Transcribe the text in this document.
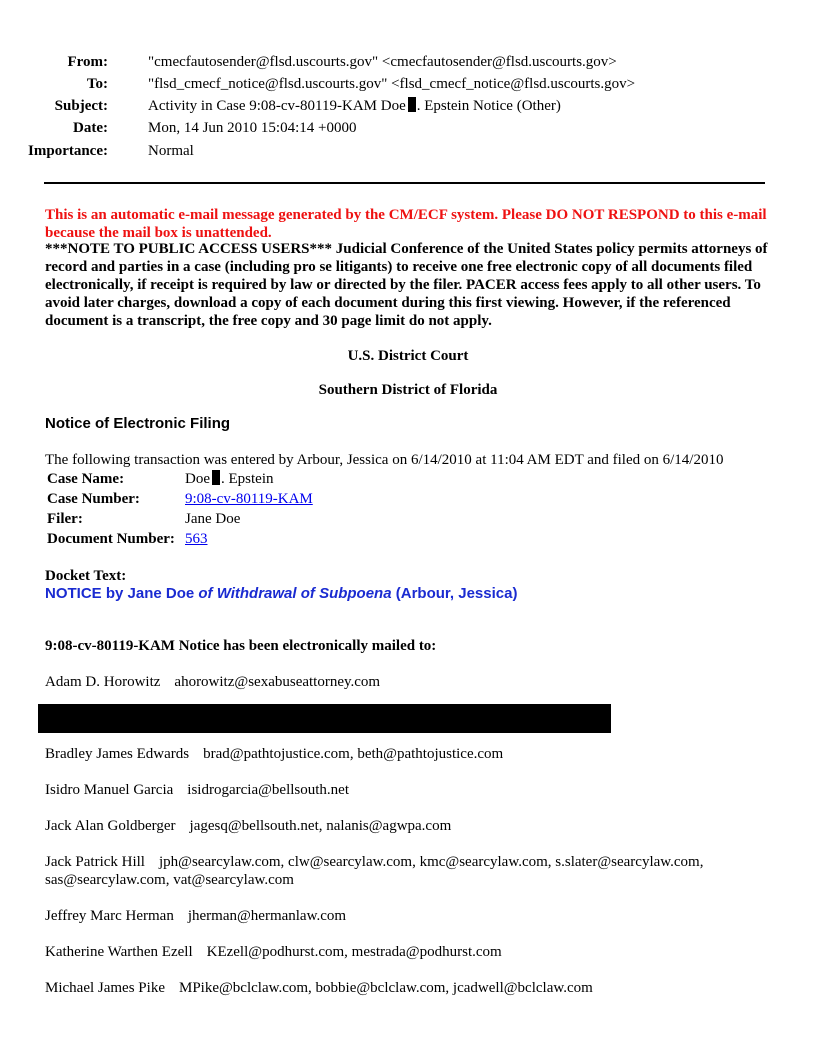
From:	"cmecfautosender@flsd.uscourts.gov" <cmecfautosender@flsd.uscourts.gov>
To:	"flsd_cmecf_notice@flsd.uscourts.gov" <flsd_cmecf_notice@flsd.uscourts.gov>
Subject:	Activity in Case 9:08-cv-80119-KAM Doe . Epstein Notice (Other)
Date:	Mon, 14 Jun 2010 15:04:14 +0000
Importance:	Normal
This is an automatic e-mail message generated by the CM/ECF system. Please DO NOT RESPOND to this e-mail because the mail box is unattended.
***NOTE TO PUBLIC ACCESS USERS*** Judicial Conference of the United States policy permits attorneys of record and parties in a case (including pro se litigants) to receive one free electronic copy of all documents filed electronically, if receipt is required by law or directed by the filer. PACER access fees apply to all other users. To avoid later charges, download a copy of each document during this first viewing. However, if the referenced document is a transcript, the free copy and 30 page limit do not apply.
U.S. District Court
Southern District of Florida
Notice of Electronic Filing
The following transaction was entered by Arbour, Jessica on 6/14/2010 at 11:04 AM EDT and filed on 6/14/2010
Case Name:	Doe . Epstein
Case Number:	9:08-cv-80119-KAM
Filer:	Jane Doe
Document Number: 563
Docket Text:
NOTICE by Jane Doe of Withdrawal of Subpoena (Arbour, Jessica)
9:08-cv-80119-KAM Notice has been electronically mailed to:
Adam D. Horowitz ahorowitz@sexabuseattorney.com
Bradley James Edwards brad@pathtojustice.com, beth@pathtojustice.com
Isidro Manuel Garcia isidrogarcia@bellsouth.net
Jack Alan Goldberger jagesq@bellsouth.net, nalanis@agwpa.com
Jack Patrick Hill jph@searcylaw.com, clw@searcylaw.com, kmc@searcylaw.com, s.slater@searcylaw.com, sas@searcylaw.com, vat@searcylaw.com
Jeffrey Marc Herman jherman@hermanlaw.com
Katherine Warthen Ezell KEzell@podhurst.com, mestrada@podhurst.com
Michael James Pike MPike@bclclaw.com, bobbie@bclclaw.com, jcadwell@bclclaw.com
